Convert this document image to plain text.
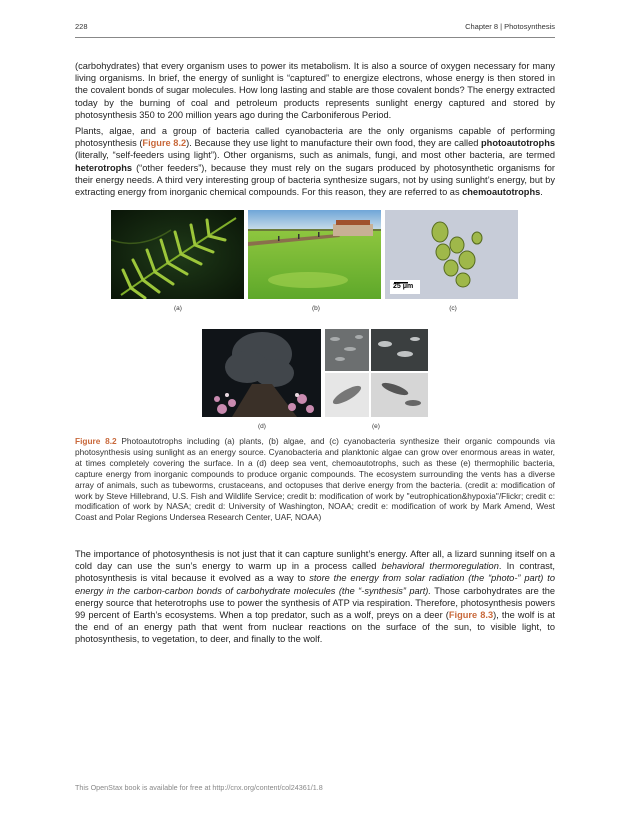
228	Chapter 8 | Photosynthesis

(carbohydrates) that every organism uses to power its metabolism. It is also a source of oxygen necessary for many living organisms. In brief, the energy of sunlight is “captured” to energize electrons, whose energy is then stored in the covalent bonds of sugar molecules. How long lasting and stable are those covalent bonds? The energy extracted today by the burning of coal and petroleum products represents sunlight energy captured and stored by photosynthesis 350 to 200 million years ago during the Carboniferous Period.

Plants, algae, and a group of bacteria called cyanobacteria are the only organisms capable of performing photosynthesis (Figure 8.2). Because they use light to manufacture their own food, they are called photoautotrophs (literally, “self-feeders using light”). Other organisms, such as animals, fungi, and most other bacteria, are termed heterotrophs (“other feeders”), because they must rely on the sugars produced by photosynthetic organisms for their energy needs. A third very interesting group of bacteria synthesize sugars, not by using sunlight’s energy, but by extracting energy from inorganic chemical compounds. For this reason, they are referred to as chemoautotrophs.

25 μm
(a)	(b)	(c)
(d)	(e)
Figure 8.2 Photoautotrophs including (a) plants, (b) algae, and (c) cyanobacteria synthesize their organic compounds via photosynthesis using sunlight as an energy source. Cyanobacteria and planktonic algae can grow over enormous areas in water, at times completely covering the surface. In a (d) deep sea vent, chemoautotrophs, such as these (e) thermophilic bacteria, capture energy from inorganic compounds to produce organic compounds. The ecosystem surrounding the vents has a diverse array of animals, such as tubeworms, crustaceans, and octopuses that derive energy from the bacteria. (credit a: modification of work by Steve Hillebrand, U.S. Fish and Wildlife Service; credit b: modification of work by "eutrophication&hypoxia"/Flickr; credit c: modification of work by NASA; credit d: University of Washington, NOAA; credit e: modification of work by Mark Amend, West Coast and Polar Regions Undersea Research Center, UAF, NOAA)

The importance of photosynthesis is not just that it can capture sunlight’s energy. After all, a lizard sunning itself on a cold day can use the sun’s energy to warm up in a process called behavioral thermoregulation. In contrast, photosynthesis is vital because it evolved as a way to store the energy from solar radiation (the “photo-” part) to energy in the carbon-carbon bonds of carbohydrate molecules (the “-synthesis” part). Those carbohydrates are the energy source that heterotrophs use to power the synthesis of ATP via respiration. Therefore, photosynthesis powers 99 percent of Earth’s ecosystems. When a top predator, such as a wolf, preys on a deer (Figure 8.3), the wolf is at the end of an energy path that went from nuclear reactions on the surface of the sun, to visible light, to photosynthesis, to vegetation, to deer, and finally to the wolf.

This OpenStax book is available for free at http://cnx.org/content/col24361/1.8
